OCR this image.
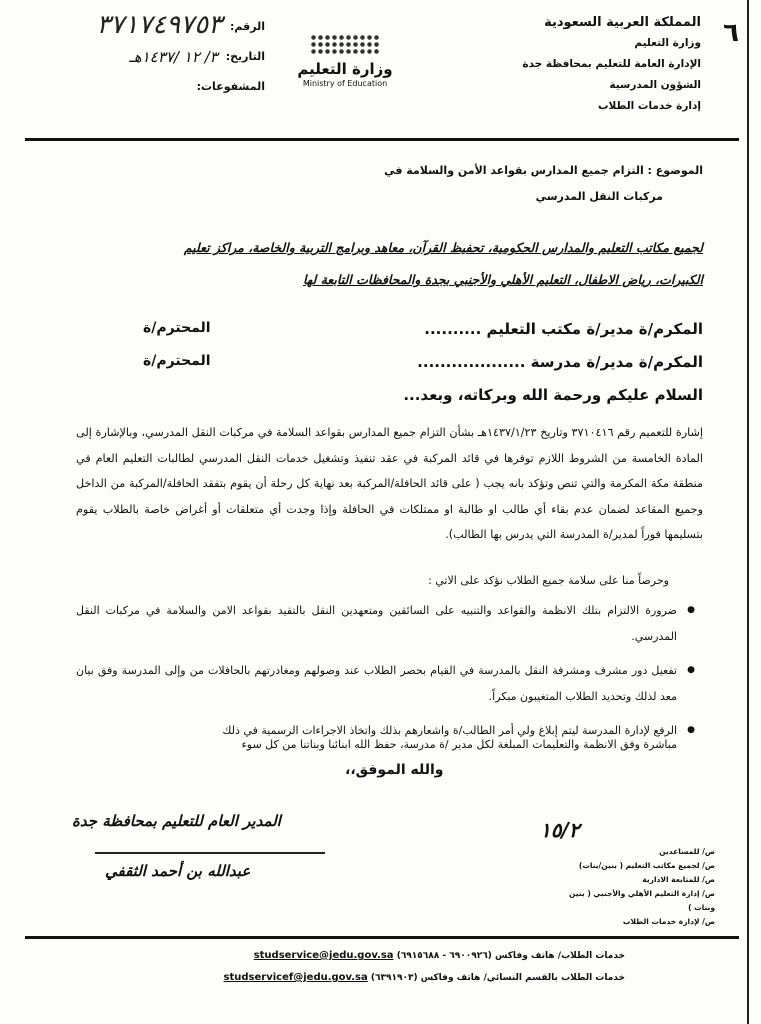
٦
المملكة العربية السعودية
وزارة التعليم
الإدارة العامة للتعليم بمحافظة جدة
الشؤون المدرسية
إدارة خدمات الطلاب
وزارة التعليم
Ministry of Education
الرقم:
٣٧١٧٤٩٧٥٣
التاريخ:
٣/ ١٢ /١٤٣٧هـ
المشفوعات:
الموضوع : التزام جميع المدارس بقواعد الأمن والسلامة في
مركبات النقل المدرسي
لجميع مكاتب التعليم والمدارس الحكومية، تحفيظ القرآن، معاهد وبرامج التربية والخاصة، مراكز تعليم
الكبيرات، رياض الاطفال، التعليم الأهلي والأجنبي بجدة والمحافظات التابعة لها
المكرم/ة مدير/ة مكتب التعليم ..........
المحترم/ة
المكرم/ة مدير/ة مدرسة ...................
المحترم/ة
السلام عليكم ورحمة الله وبركاته، وبعد...
إشارة للتعميم رقم ٣٧١٠٤١٦ وتاريخ ١٤٣٧/١/٢٣هـ بشأن التزام جميع المدارس بقواعد السلامة في مركبات النقل المدرسي، وبالإشارة إلى المادة الخامسة من الشروط اللازم توفرها في قائد المركبة في عقد تنفيذ وتشغيل خدمات النقل المدرسي لطالبات التعليم العام في منطقة مكة المكرمة والتي تنص وتؤكد بانه يجب ( على قائد الحافلة/المركبة بعد نهاية كل رحلة أن يقوم بتفقد الحافلة/المركبة من الداخل وجميع المقاعد لضمان عدم بقاء أي طالب او طالبة او ممتلكات في الحافلة وإذا وجدت أي متعلقات أو أغراض خاصة بالطلاب يقوم بتسليمها فوراً لمدير/ة المدرسة التي يدرس بها الطالب).
وحرصاً منا على سلامة جميع الطلاب نؤكد على الاتي :
● ضرورة الالتزام بتلك الانظمة والقواعد والتنبيه على السائقين ومتعهدين النقل بالتقيد بقواعد الامن والسلامة في مركبات النقل المدرسي.
● تفعيل دور مشرف ومشرفة النقل بالمدرسة في القيام بحصر الطلاب عند وصولهم ومغادرتهم بالحافلات من وإلى المدرسة وفق بيان معد لذلك وتحديد الطلاب المتغيبون مبكراً.
● الرفع لإدارة المدرسة ليتم إبلاغ ولي أمر الطالب/ة واشعارهم بذلك واتخاذ الاجراءات الرسمية في ذلك
مباشرة وفق الانظمة والتعليمات المبلغة لكل مدير /ة مدرسة، حفظ الله ابنائنا وبناتنا من كل سوء
والله الموفق،،
المدير العام للتعليم بمحافظة جدة
عبدالله بن أحمد الثقفي
١٥/٢
ص/ للمساعدين
ص/ لجميع مكاتب التعليم ( بنين/بنات)
ص/ للمتابعة الادارية
ص/ إدارة التعليم الأهلي والأجنبي ( بنين وبنات )
ص/ لإدارة خدمات الطلاب
خدمات الطلاب/ هاتف وفاكس (٦٩٠٠٩٢٦ - ٦٩١٥٦٨٨) studservice@jedu.gov.sa
خدمات الطلاب بالقسم النسائي/ هاتف وفاكس (٦٣٩١٩٠٣) studservicef@jedu.gov.sa
